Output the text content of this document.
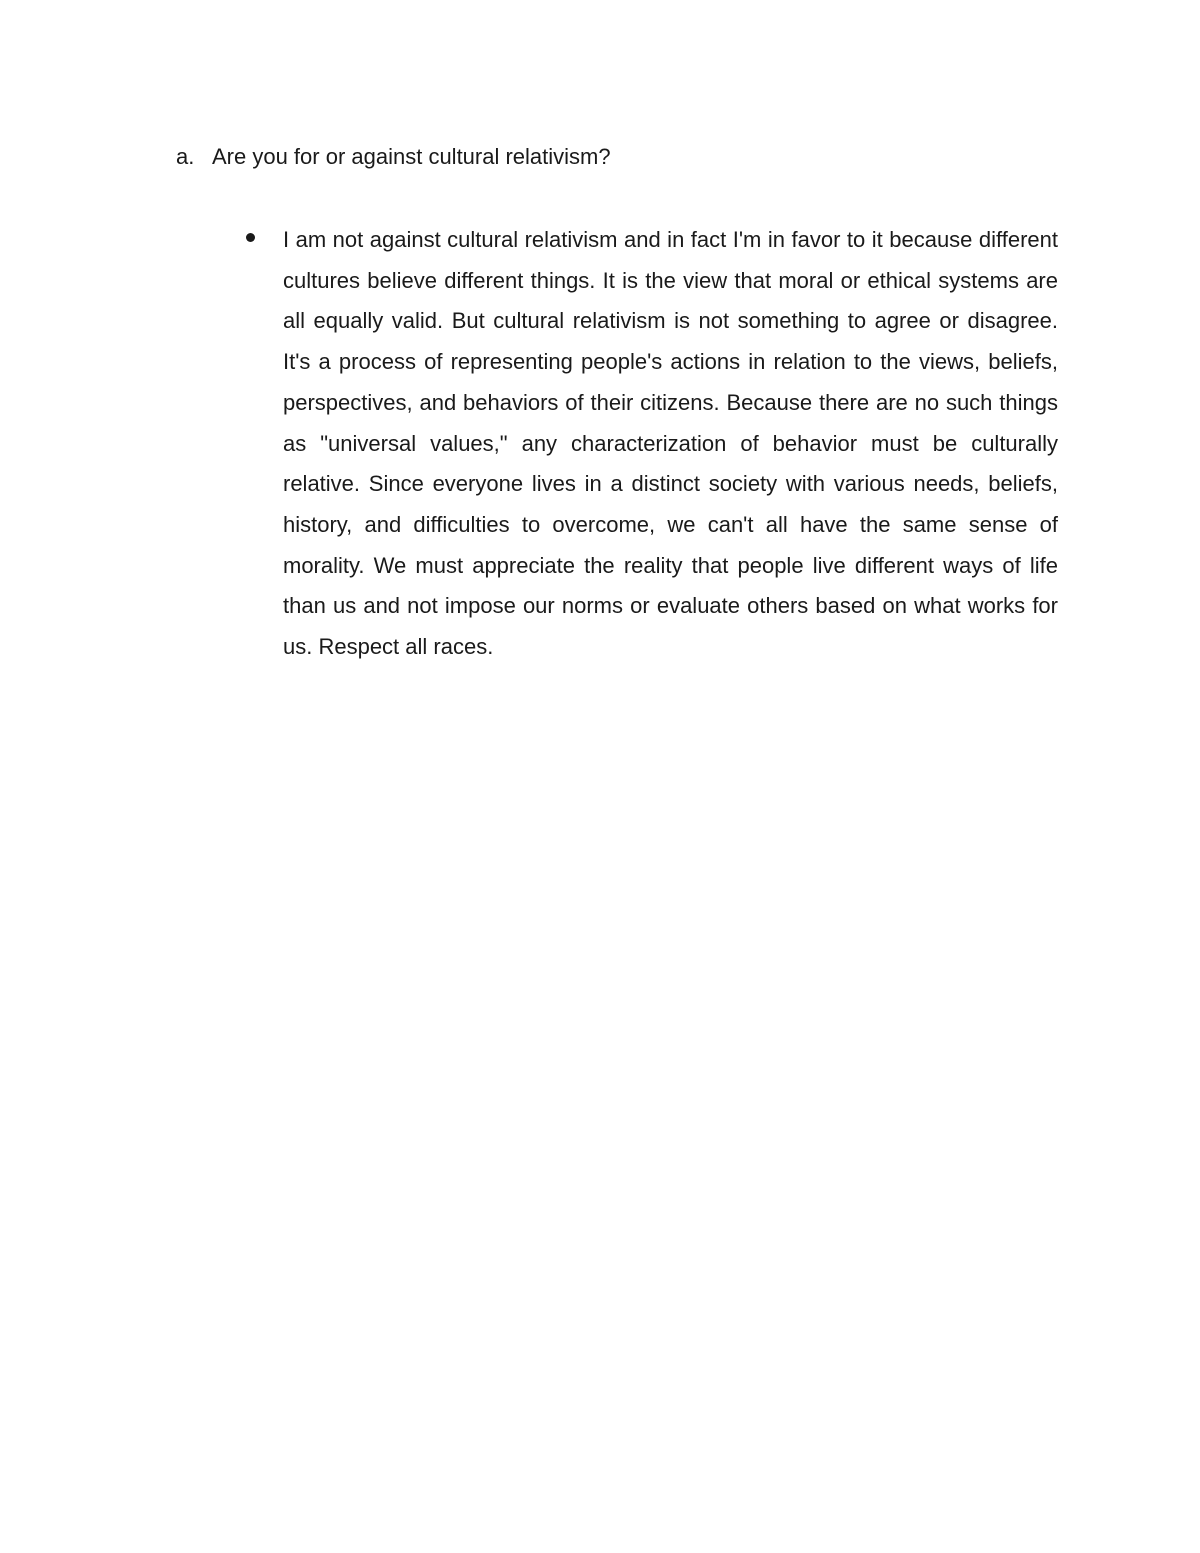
a. Are you for or against cultural relativism?

I am not against cultural relativism and in fact I'm in favor to it because different cultures believe different things. It is the view that moral or ethical systems are all equally valid. But cultural relativism is not something to agree or disagree. It's a process of representing people's actions in relation to the views, beliefs, perspectives, and behaviors of their citizens. Because there are no such things as "universal values," any characterization of behavior must be culturally relative. Since everyone lives in a distinct society with various needs, beliefs, history, and difficulties to overcome, we can't all have the same sense of morality. We must appreciate the reality that people live different ways of life than us and not impose our norms or evaluate others based on what works for us. Respect all races.
